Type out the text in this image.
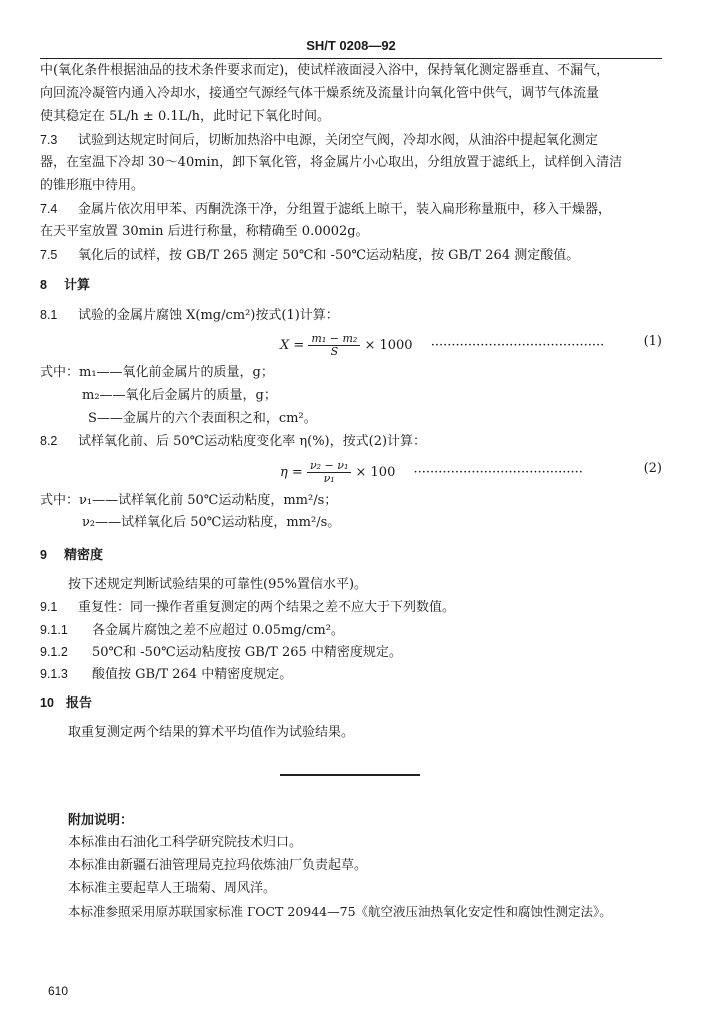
SH/T 0208—92
中(氧化条件根据油品的技术条件要求而定)，使试样液面浸入浴中，保持氧化测定器垂直、不漏气，
向回流冷凝管内通入冷却水，接通空气源经气体干燥系统及流量计向氧化管中供气，调节气体流量
使其稳定在 5L/h ± 0.1L/h，此时记下氧化时间。
7.3 试验到达规定时间后，切断加热浴中电源，关闭空气阀，冷却水阀，从油浴中提起氧化测定
器，在室温下冷却 30～40min，卸下氧化管，将金属片小心取出，分组放置于滤纸上，试样倒入清洁
的锥形瓶中待用。
7.4 金属片依次用甲苯、丙酮洗涤干净，分组置于滤纸上晾干，装入扁形称量瓶中，移入干燥器，
在天平室放置 30min 后进行称量，称精确至 0.0002g。
7.5 氧化后的试样，按 GB/T 265 测定 50℃和 -50℃运动粘度，按 GB/T 264 测定酸值。
8 计算
8.1 试验的金属片腐蚀 X(mg/cm²)按式(1)计算：
$X = \frac{\text{m₁ − m₂}}{S} \times 1000$ ··········································	(1)
式中：m₁——氧化前金属片的质量，g；
m₂——氧化后金属片的质量，g；
S——金属片的六个表面积之和，cm²。
8.2 试样氧化前、后 50℃运动粘度变化率 η(%)，按式(2)计算：
$\eta = \frac{\text{ν₂ − ν₁}}{\text{ν₁}} \times 100$ ·········································	(2)
式中：ν₁——试样氧化前 50℃运动粘度，mm²/s；
ν₂——试样氧化后 50℃运动粘度，mm²/s。
9 精密度
按下述规定判断试验结果的可靠性(95%置信水平)。
9.1 重复性：同一操作者重复测定的两个结果之差不应大于下列数值。
9.1.1 各金属片腐蚀之差不应超过 0.05mg/cm²。
9.1.2 50℃和 -50℃运动粘度按 GB/T 265 中精密度规定。
9.1.3 酸值按 GB/T 264 中精密度规定。
10 报告
取重复测定两个结果的算术平均值作为试验结果。
附加说明：
本标准由石油化工科学研究院技术归口。
本标准由新疆石油管理局克拉玛依炼油厂负责起草。
本标准主要起草人王瑞菊、周风洋。
本标准参照采用原苏联国家标准 ГОСТ 20944—75《航空液压油热氧化安定性和腐蚀性测定法》。
610
